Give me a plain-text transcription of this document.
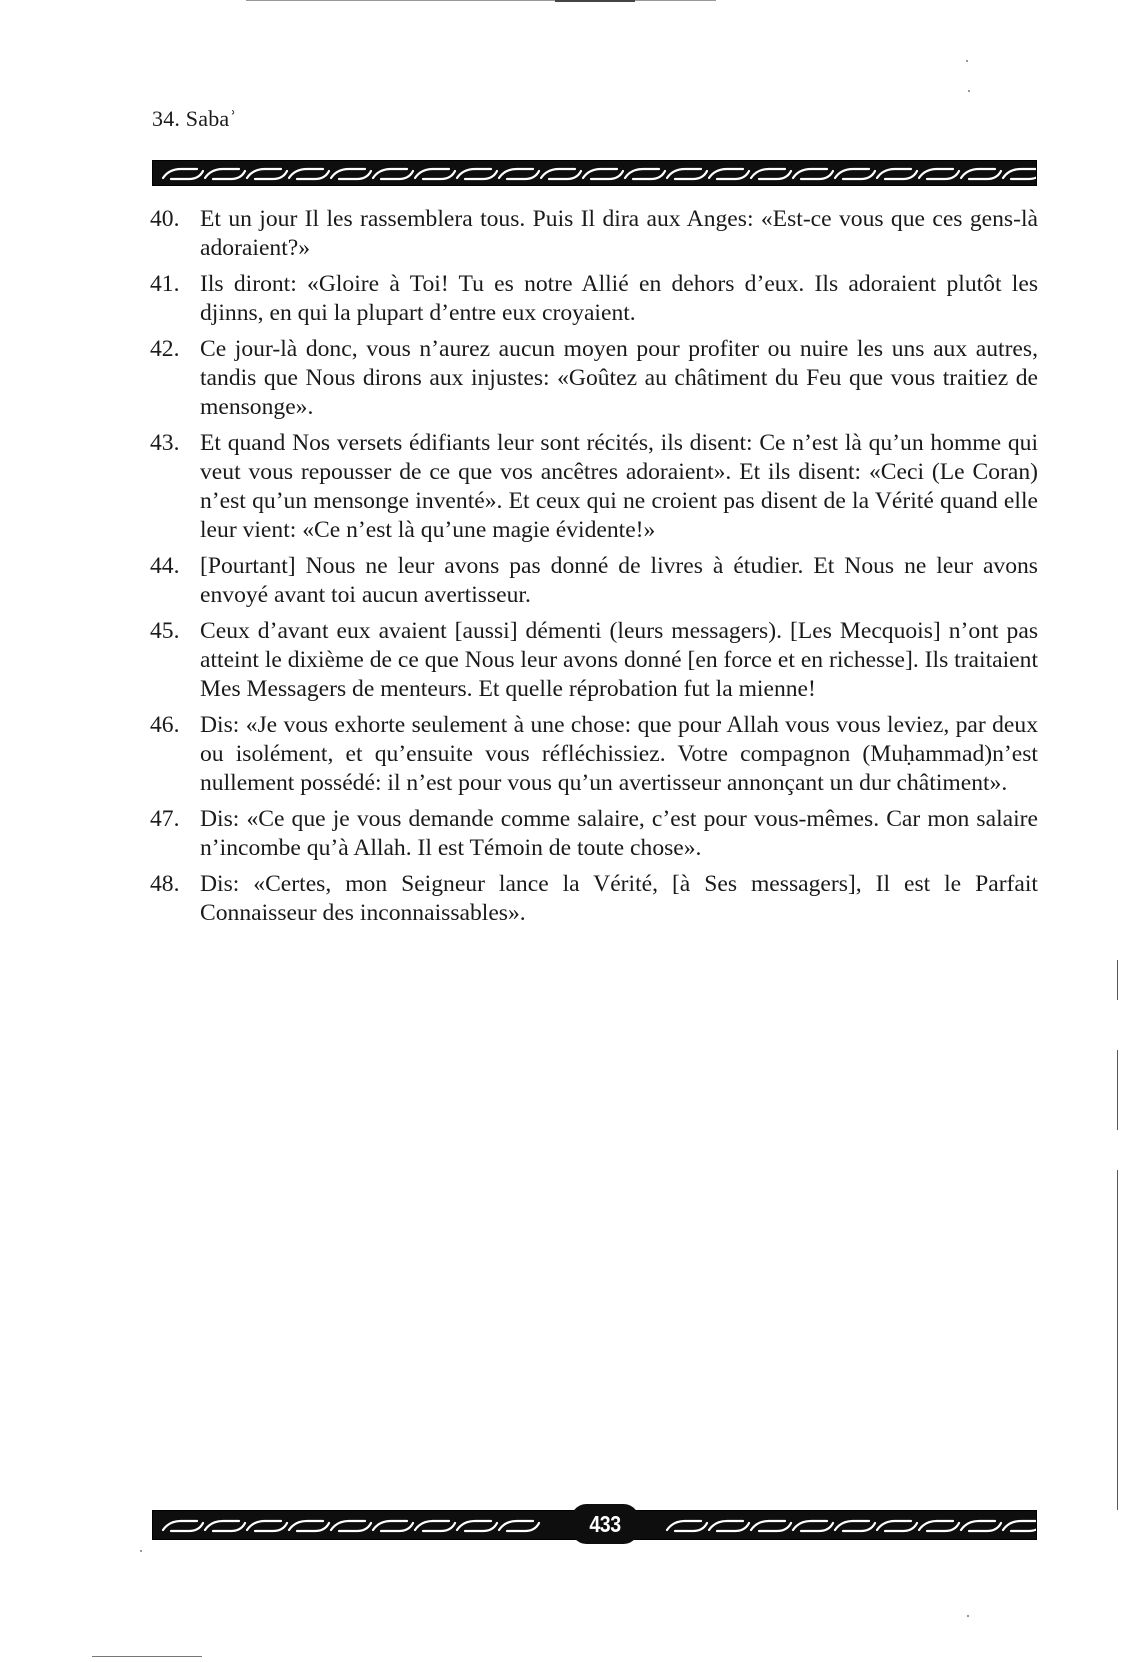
34. Sabaʾ
40. Et un jour Il les rassemblera tous. Puis Il dira aux Anges: «Est-ce vous que ces gens-là adoraient?»
41. Ils diront: «Gloire à Toi! Tu es notre Allié en dehors d’eux. Ils adoraient plutôt les djinns, en qui la plupart d’entre eux croyaient.
42. Ce jour-là donc, vous n’aurez aucun moyen pour profiter ou nuire les uns aux autres, tandis que Nous dirons aux injustes: «Goûtez au châtiment du Feu que vous traitiez de mensonge».
43. Et quand Nos versets édifiants leur sont récités, ils disent: Ce n’est là qu’un homme qui veut vous repousser de ce que vos ancêtres adoraient». Et ils disent: «Ceci (Le Coran) n’est qu’un mensonge inventé». Et ceux qui ne croient pas disent de la Vérité quand elle leur vient: «Ce n’est là qu’une magie évidente!»
44. [Pourtant] Nous ne leur avons pas donné de livres à étudier. Et Nous ne leur avons envoyé avant toi aucun avertisseur.
45. Ceux d’avant eux avaient [aussi] démenti (leurs messagers). [Les Mecquois] n’ont pas atteint le dixième de ce que Nous leur avons donné [en force et en richesse]. Ils traitaient Mes Messagers de menteurs. Et quelle réprobation fut la mienne!
46. Dis: «Je vous exhorte seulement à une chose: que pour Allah vous vous leviez, par deux ou isolément, et qu’ensuite vous réfléchissiez. Votre compagnon (Muḥammad)n’est nullement possédé: il n’est pour vous qu’un avertisseur annonçant un dur châtiment».
47. Dis: «Ce que je vous demande comme salaire, c’est pour vous-mêmes. Car mon salaire n’incombe qu’à Allah. Il est Témoin de toute chose».
48. Dis: «Certes, mon Seigneur lance la Vérité, [à Ses messagers], Il est le Parfait Connaisseur des inconnaissables».
433
